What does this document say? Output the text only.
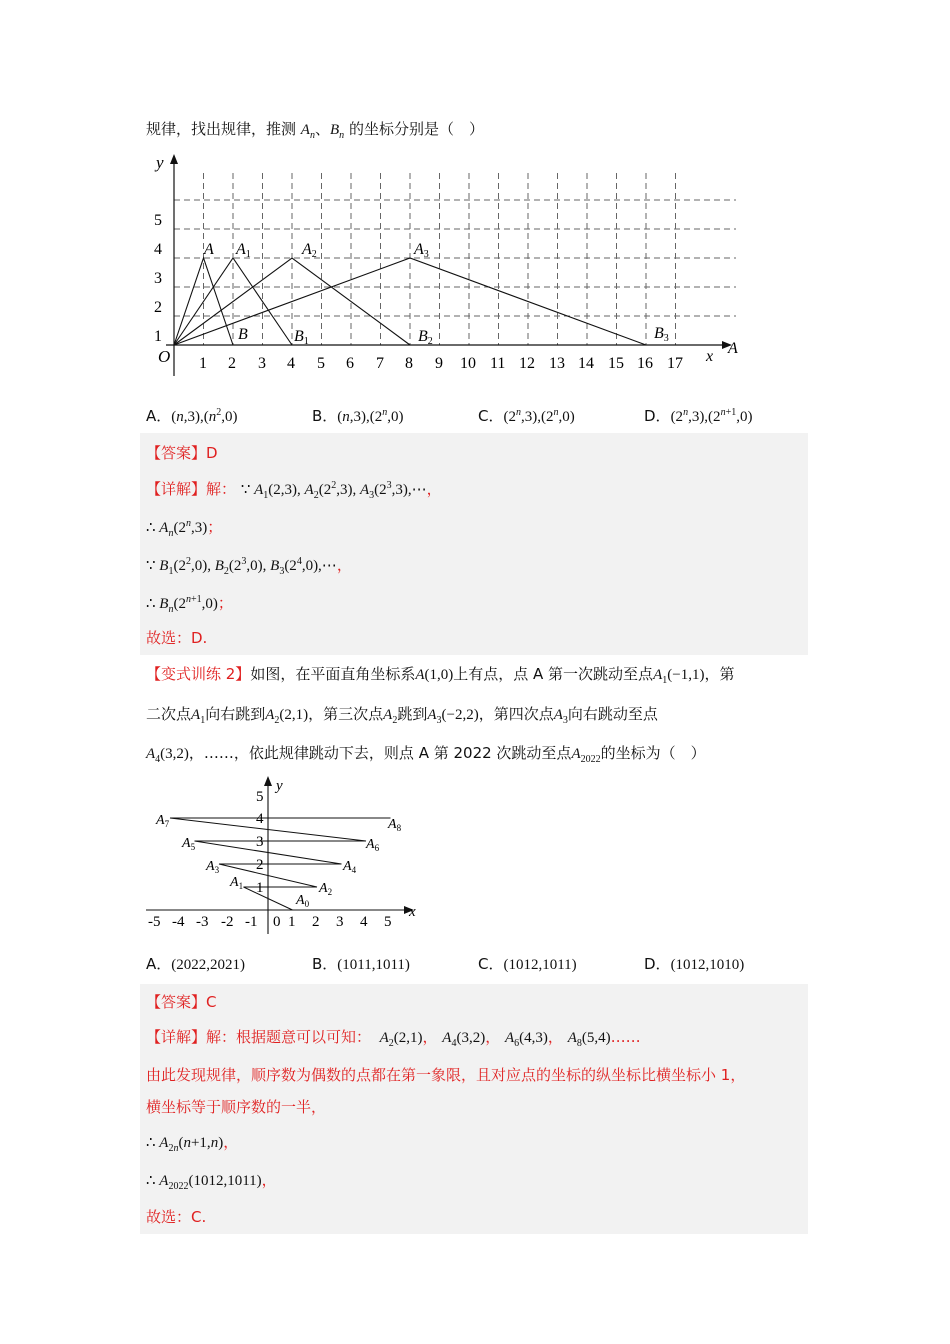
规律，找出规律，推测 $A_n$、$B_n$ 的坐标分别是（　）
y
x A
O 1 2 3 4 5 6 7 8 9 10 11 12 13 14 15 16 17
1
2
3
4
5
A A1	A2	A3
B	B1	B2	B3
A．$(n,3),(n^2,0)$	B．(n,3),(2$^n$,0)	C．(2$^n$,3),(2$^n$,0)	D．$(2^n,3),(2^{n+1},0)$
【答案】D
【详解】解： ∵ $A_1(2,3)$, $A_2(2^2,3)$, $A_3(2^3,3),\cdots$，
∴ $A_n(2^n,3)$；
∵ $B_1(2^2,0)$, $B_2(2^3,0)$, $B_3(2^4,0),\cdots$，
∴ $B_n(2^{n+1},0)$；
故选：D.
【变式训练 2】如图，在平面直角坐标系A(1,0)上有点，点 A 第一次跳动至点$A_1(-1,1)$，第
二次点$A_1$向右跳到$A_2(2,1)$，第三次点$A_2$跳到$A_3(-2,2)$，第四次点$A_3$向右跳动至点
$A_4(3,2)$，……，依此规律跳动下去，则点 A 第 2022 次跳动至点$A_{2022}$的坐标为（　）
y
x
-5 -4 -3 -2 -1 0 1 2 3 4 5
1
2
3
4
5
$A_0$
$A_1$	$A_2$
$A_3$	$A_4$
$A_5$	$A_6$
$A_7$	$A_8$
A．(2022,2021)	B．(1011,1011)	C．(1012,1011)	D．(1012,1010)
【答案】C
【详解】解：根据题意可以可知： $A_2(2,1)$， $A_4(3,2)$， $A_6(4,3)$， $A_8(5,4)\dots\dots$
由此发现规律，顺序数为偶数的点都在第一象限，且对应点的坐标的纵坐标比横坐标小 1，
横坐标等于顺序数的一半，
∴ $A_{2n}(n+1,n)$，
∴ $A_{2022}(1012,1011)$，
故选：C.
